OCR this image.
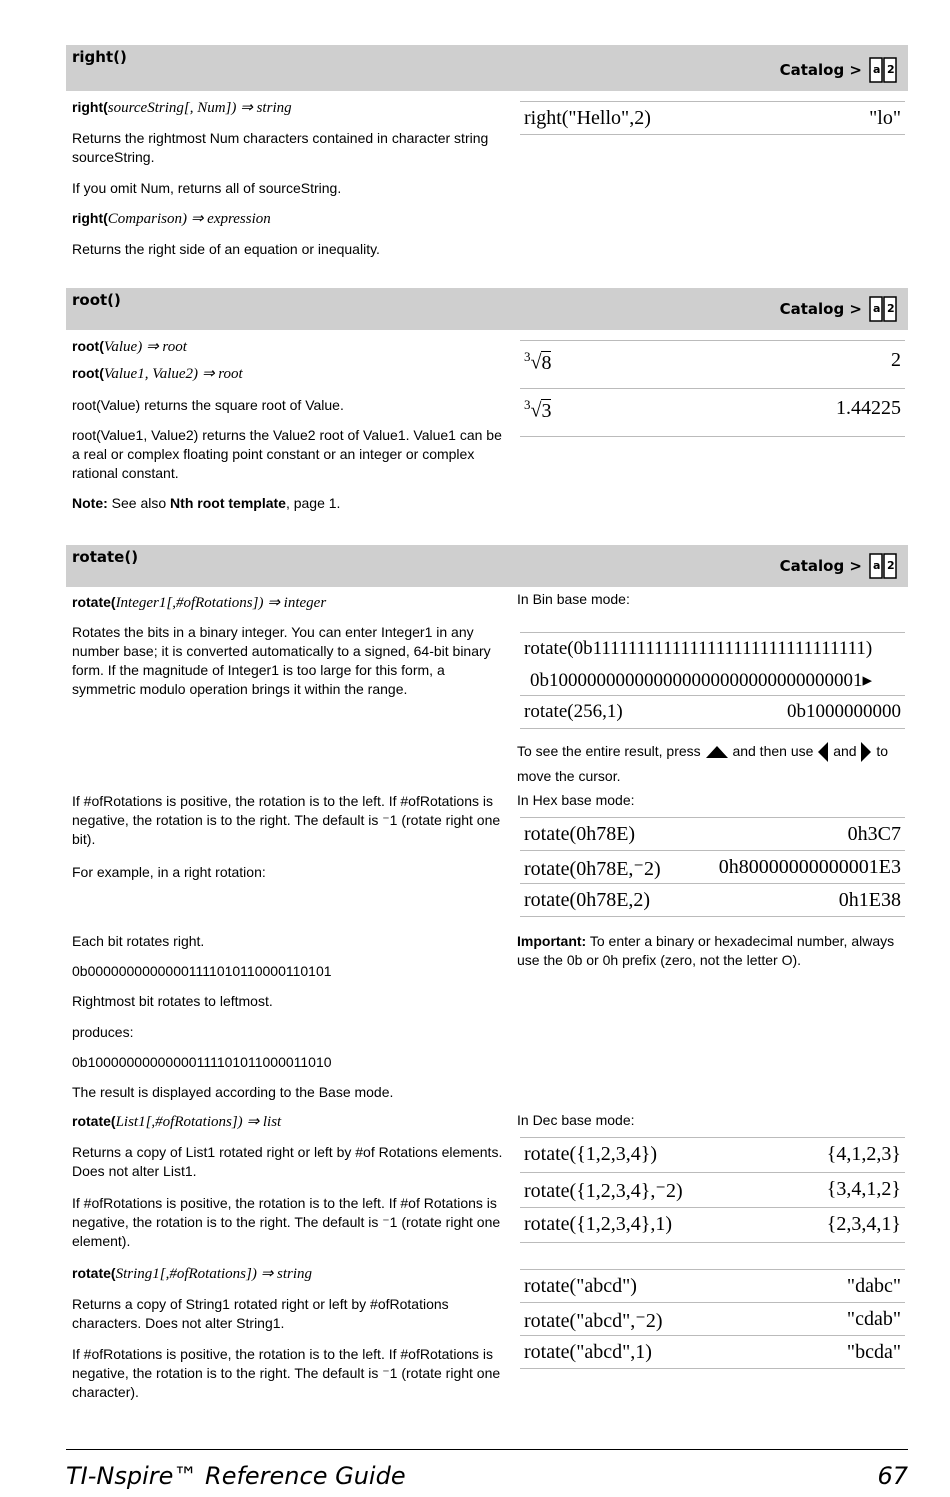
right()
Catalog > a 2
right(sourceString[, Num]) ⇒ string
Returns the rightmost Num characters contained in character string sourceString.
If you omit Num, returns all of sourceString.
right(Comparison) ⇒ expression
Returns the right side of an equation or inequality.
right("Hello",2)	"lo"
root()	Catalog > a 2
root(Value) ⇒ root
root(Value1, Value2) ⇒ root
root(Value) returns the square root of Value.
root(Value1, Value2) returns the Value2 root of Value1. Value1 can be a real or complex floating point constant or an integer or complex rational constant.
Note: See also Nth root template, page 1.
$^3$√8	2
$^3$√3	1.44225
rotate()	Catalog > a 2
rotate(Integer1[,#ofRotations]) ⇒ integer
Rotates the bits in a binary integer. You can enter Integer1 in any number base; it is converted automatically to a signed, 64-bit binary form. If the magnitude of Integer1 is too large for this form, a symmetric modulo operation brings it within the range.
In Bin base mode:
rotate(0b1111111111111111111111111111111)
0b100000000000000000000000000000001▸
rotate(256,1)	0b1000000000
To see the entire result, press and then use and to move the cursor.
If #ofRotations is positive, the rotation is to the left. If #ofRotations is negative, the rotation is to the right. The default is ⁻1 (rotate right one bit).
For example, in a right rotation:
In Hex base mode:
rotate(0h78E)	0h3C7
rotate(0h78E,⁻2)	0h80000000000001E3
rotate(0h78E,2)	0h1E38
Each bit rotates right.
0b00000000000001111010110000110101
Rightmost bit rotates to leftmost.
produces:
0b10000000000000111101011000011010
The result is displayed according to the Base mode.
Important: To enter a binary or hexadecimal number, always use the 0b or 0h prefix (zero, not the letter O).
rotate(List1[,#ofRotations]) ⇒ list
Returns a copy of List1 rotated right or left by #of Rotations elements. Does not alter List1.
If #ofRotations is positive, the rotation is to the left. If #of Rotations is negative, the rotation is to the right. The default is ⁻1 (rotate right one element).
In Dec base mode:
rotate({1,2,3,4})	{4,1,2,3}
rotate({1,2,3,4},⁻2)	{3,4,1,2}
rotate({1,2,3,4},1)	{2,3,4,1}
rotate(String1[,#ofRotations]) ⇒ string
Returns a copy of String1 rotated right or left by #ofRotations characters. Does not alter String1.
If #ofRotations is positive, the rotation is to the left. If #ofRotations is negative, the rotation is to the right. The default is ⁻1 (rotate right one character).
rotate("abcd")	"dabc"
rotate("abcd",⁻2)	"cdab"
rotate("abcd",1)	"bcda"
TI-Nspire™ Reference Guide	67
